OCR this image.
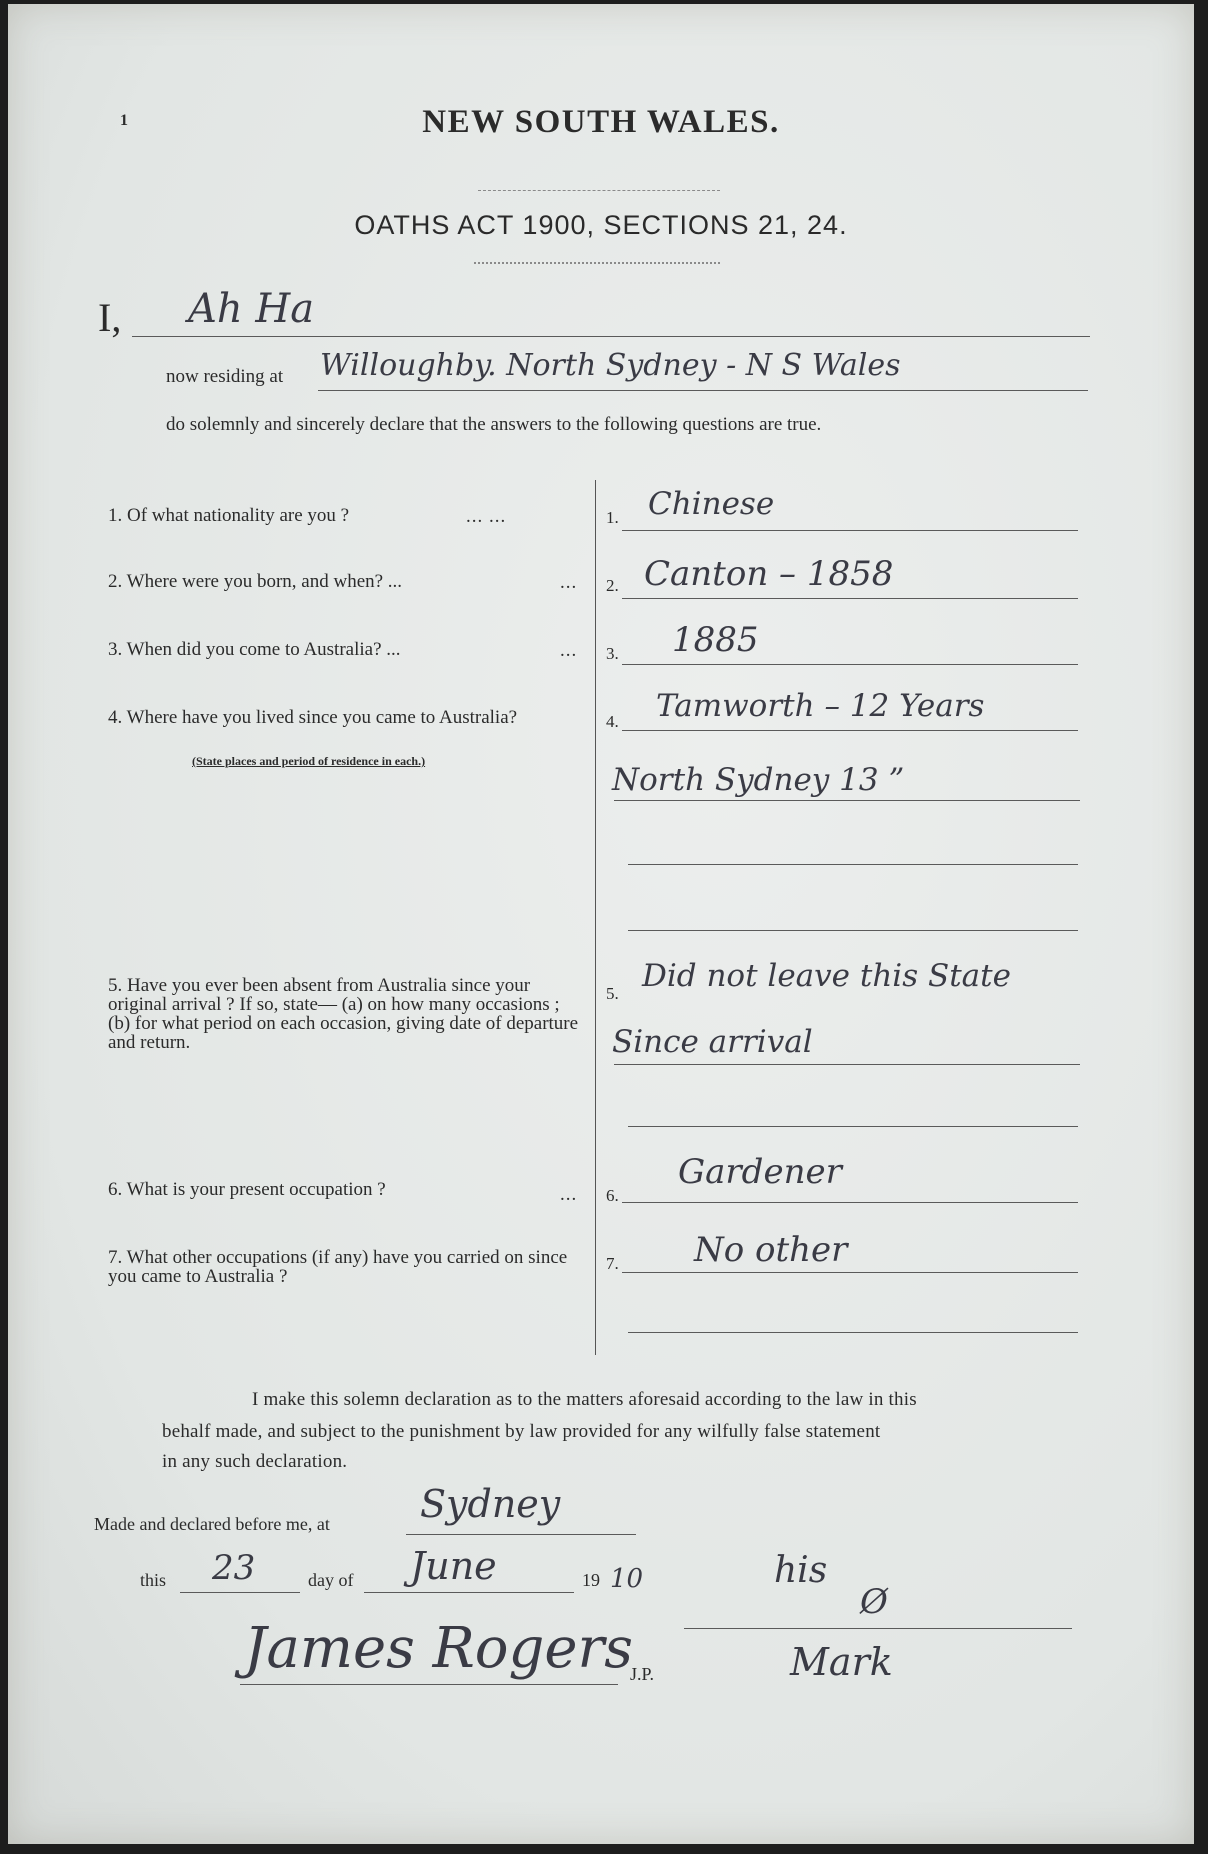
1	NEW SOUTH WALES.
OATHS ACT 1900, SECTIONS 21, 24.
I, Ah Ha
now residing at Willoughby. North Sydney - N S Wales
do solemnly and sincerely declare that the answers to the following questions are true.
1. Of what nationality are you ?	... ...	1. Chinese
2. Where were you born, and when? ...	... 2. Canton – 1858
3. When did you come to Australia? ...	... 3. 1885
4. Where have you lived since you came to Australia?
(State places and period of residence in each.)
4. Tamworth – 12 Years
North Sydney 13 ”
5. Have you ever been absent from Australia since your original arrival ? If so, state— (a) on how many occasions ; (b) for what period on each occasion, giving date of departure and return.
5. Did not leave this State
Since arrival
6. What is your present occupation ?	... 6.
Gardener
7. What other occupations (if any) have you carried on since you came to Australia ?
7. No other
I make this solemn declaration as to the matters aforesaid according to the law in this
behalf made, and subject to the punishment by law provided for any wilfully false statement
in any such declaration.
Made and declared before me, at Sydney
this 23	day of June	19 10
James Rogers
J.P.
his
Ø
Mark
